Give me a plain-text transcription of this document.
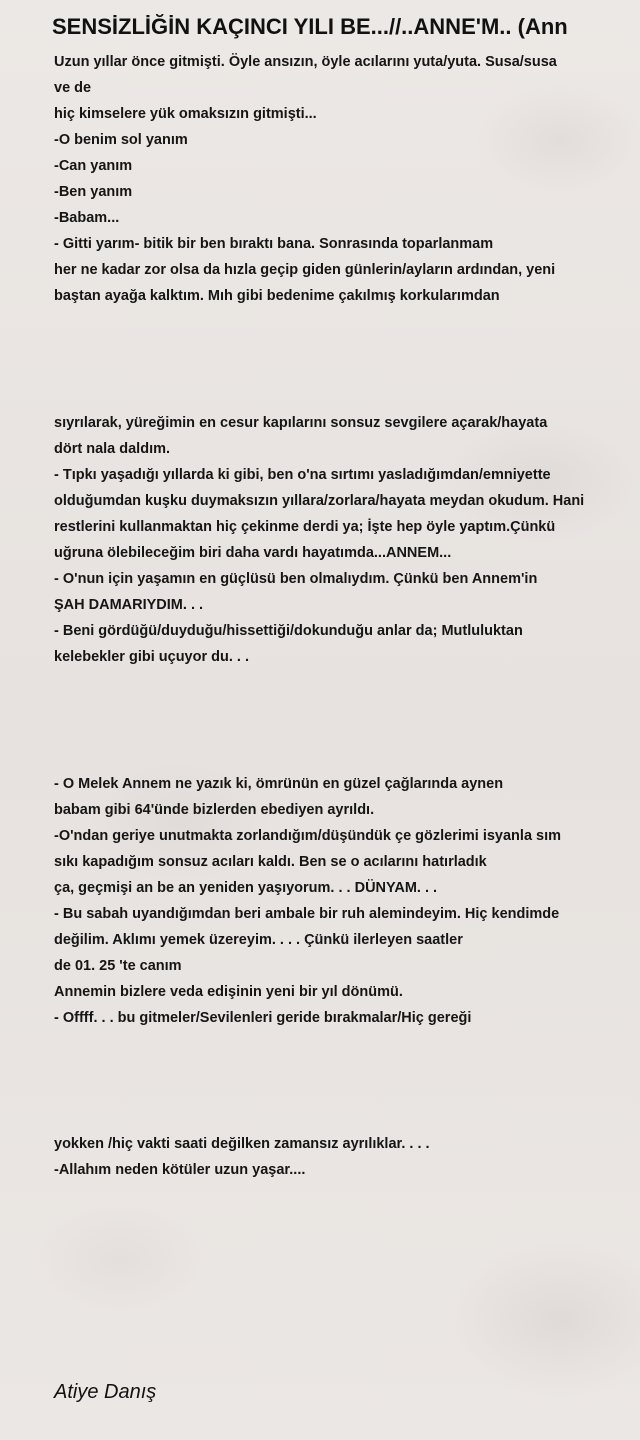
SENSİZLİĞİN KAÇINCI YILI BE...//..ANNE'M.. (Ann
Uzun yıllar önce gitmişti. Öyle ansızın, öyle acılarını yuta/yuta. Susa/susa
ve de
hiç kimselere yük omaksızın gitmişti...
-O benim sol yanım
-Can yanım
-Ben yanım
-Babam...
- Gitti yarım- bitik bir ben bıraktı bana. Sonrasında toparlanmam
her ne kadar zor olsa da hızla geçip giden günlerin/ayların ardından, yeni
baştan ayağa kalktım. Mıh gibi bedenime çakılmış korkularımdan
sıyrılarak, yüreğimin en cesur kapılarını sonsuz sevgilere açarak/hayata
dört nala daldım.
- Tıpkı yaşadığı yıllarda ki gibi, ben o'na sırtımı yasladığımdan/emniyette
olduğumdan kuşku duymaksızın yıllara/zorlara/hayata meydan okudum. Hani
restlerini kullanmaktan hiç çekinme derdi ya; İşte hep öyle yaptım.Çünkü
uğruna ölebileceğim biri daha vardı hayatımda...ANNEM...
- O'nun için yaşamın en güçlüsü ben olmalıydım. Çünkü ben Annem'in
ŞAH DAMARIYDIM. . .
- Beni gördüğü/duyduğu/hissettiği/dokunduğu anlar da; Mutluluktan
kelebekler gibi uçuyor du. . .
- O Melek Annem ne yazık ki, ömrünün en güzel çağlarında aynen
babam gibi 64'ünde bizlerden ebediyen ayrıldı.
-O'ndan geriye unutmakta zorlandığım/düşündük çe gözlerimi isyanla sım
sıkı kapadığım sonsuz acıları kaldı. Ben se o acılarını hatırladık
ça, geçmişi an be an yeniden yaşıyorum. . . DÜNYAM. . .
- Bu sabah uyandığımdan beri ambale bir ruh alemindeyim. Hiç kendimde
değilim. Aklımı yemek üzereyim. . . . Çünkü ilerleyen saatler
de 01. 25 'te canım
Annemin bizlere veda edişinin yeni bir yıl dönümü.
- Offff. . . bu gitmeler/Sevilenleri geride bırakmalar/Hiç gereği
yokken /hiç vakti saati değilken zamansız ayrılıklar. . . .
-Allahım neden kötüler uzun yaşar....
Atiye Danış
